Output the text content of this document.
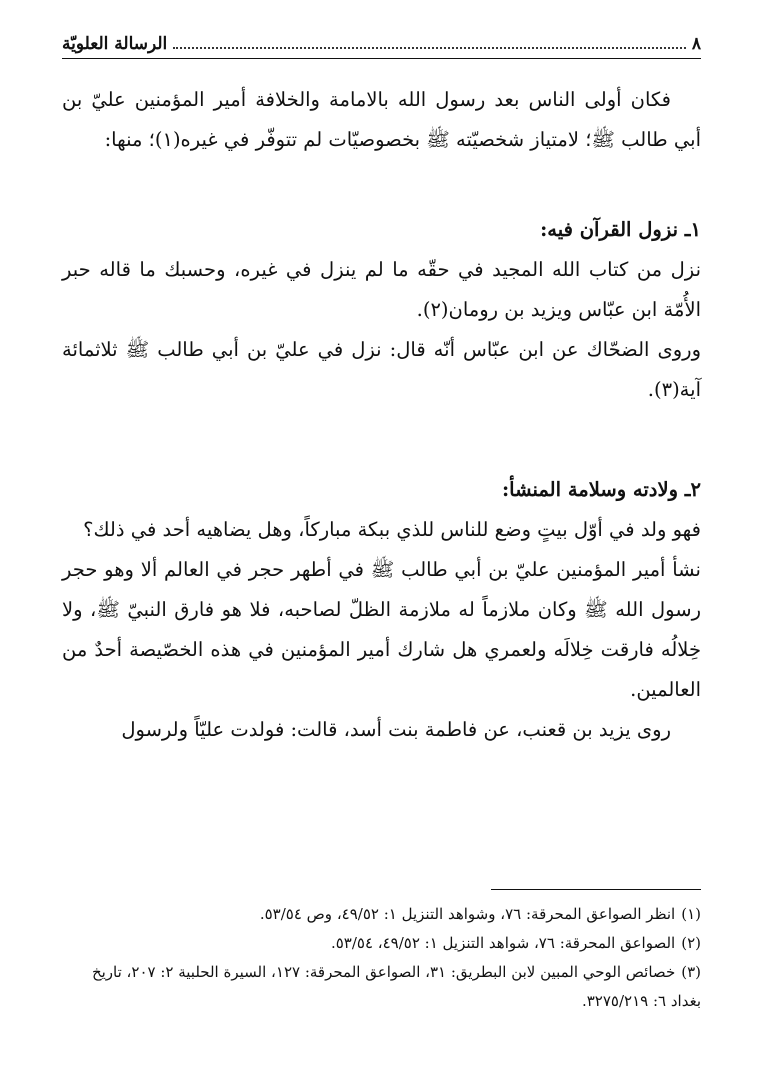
الرسالة العلويّة	٨

فكان أولى الناس بعد رسول الله بالامامة والخلافة أمير المؤمنين عليّ بن أبي طالب ﷺ؛ لامتياز شخصيّته ﷺ بخصوصيّات لم تتوفّر في غيره(١)؛ منها:

١ـ نزول القرآن فيه:

نزل من كتاب الله المجيد في حقّه ما لم ينزل في غيره، وحسبك ما قاله حبر الأُمّة ابن عبّاس ويزيد بن رومان(٢).

وروى الضحّاك عن ابن عبّاس أنّه قال: نزل في عليّ بن أبي طالب ﷺ ثلاثمائة آية(٣).

٢ـ ولادته وسلامة المنشأ:

فهو ولد في أوّل بيتٍ وضع للناس للذي ببكة مباركاً، وهل يضاهيه أحد في ذلك؟

نشأ أمير المؤمنين عليّ بن أبي طالب ﷺ في أطهر حجر في العالم ألا وهو حجر رسول الله ﷺ وكان ملازماً له ملازمة الظلّ لصاحبه، فلا هو فارق النبيّ ﷺ، ولا خِلالُه فارقت خِلالَه ولعمري هل شارك أمير المؤمنين في هذه الخصّيصة أحدٌ من العالمين.

روى يزيد بن قعنب، عن فاطمة بنت أسد، قالت: فولدت عليّاً ولرسول

(١)انظر الصواعق المحرقة: ٧٦، وشواهد التنزيل ١: ٤٩/٥٢، وص ٥٣/٥٤.

(٢)الصواعق المحرقة: ٧٦، شواهد التنزيل ١: ٤٩/٥٢، ٥٣/٥٤.

(٣)خصائص الوحي المبين لابن البطريق: ٣١، الصواعق المحرقة: ١٢٧، السيرة الحلبية ٢: ٢٠٧، تاريخ بغداد ٦: ٣٢٧٥/٢١٩.
